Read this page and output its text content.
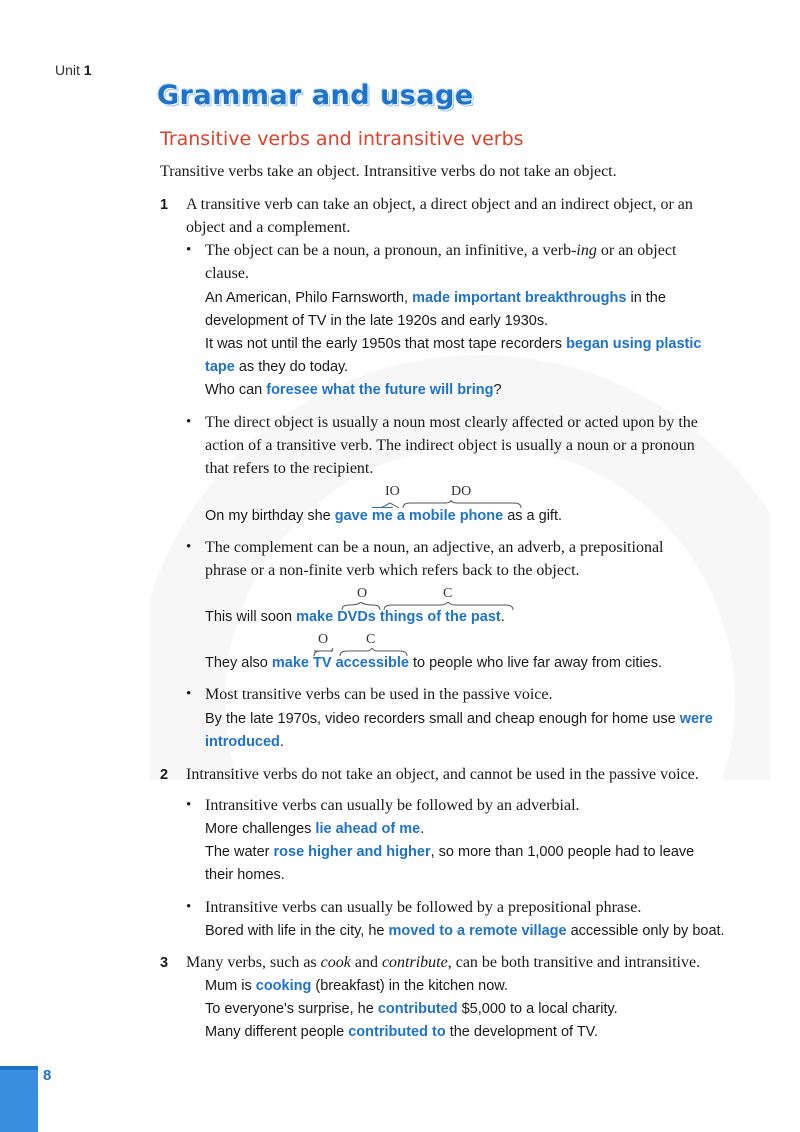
Unit 1
Grammar and usage
Transitive verbs and intransitive verbs
Transitive verbs take an object. Intransitive verbs do not take an object.
1 A transitive verb can take an object, a direct object and an indirect object, or an
object and a complement.
• The object can be a noun, a pronoun, an infinitive, a verb-ing or an object
clause.
An American, Philo Farnsworth, made important breakthroughs in the
development of TV in the late 1920s and early 1930s.
It was not until the early 1950s that most tape recorders began using plastic
tape as they do today.
Who can foresee what the future will bring?
• The direct object is usually a noun most clearly affected or acted upon by the
action of a transitive verb. The indirect object is usually a noun or a pronoun
that refers to the recipient.
IO	DO
On my birthday she gave $\overline{me}$ a mobile phone as a gift.
• The complement can be a noun, an adjective, an adverb, a prepositional
phrase or a non-finite verb which refers back to the object.
O	C
This will soon make DVDs things of the past.
O	C
They also make TV accessible to people who live far away from cities.
• Most transitive verbs can be used in the passive voice.
By the late 1970s, video recorders small and cheap enough for home use were
introduced.
2 Intransitive verbs do not take an object, and cannot be used in the passive voice.
• Intransitive verbs can usually be followed by an adverbial.
More challenges lie ahead of me.
The water rose higher and higher, so more than 1,000 people had to leave
their homes.
• Intransitive verbs can usually be followed by a prepositional phrase.
Bored with life in the city, he moved to a remote village accessible only by boat.
3 Many verbs, such as cook and contribute, can be both transitive and intransitive.
Mum is cooking (breakfast) in the kitchen now.
To everyone's surprise, he contributed $5,000 to a local charity.
Many different people contributed to the development of TV.
8
